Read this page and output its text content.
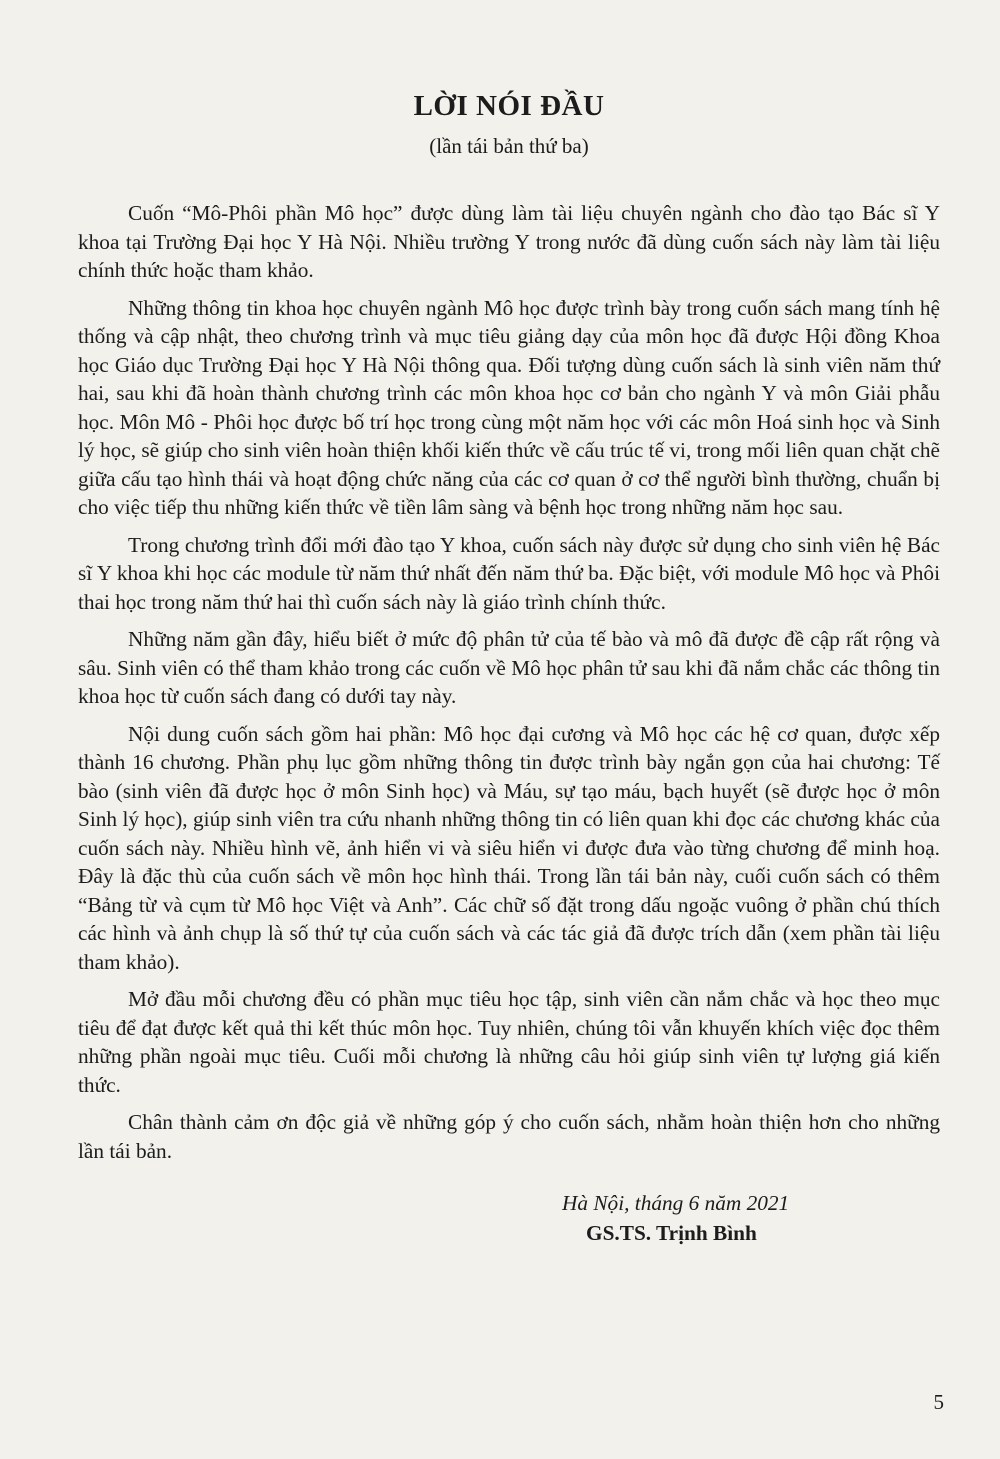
LỜI NÓI ĐẦU

(lần tái bản thứ ba)

Cuốn “Mô-Phôi phần Mô học” được dùng làm tài liệu chuyên ngành cho đào tạo Bác sĩ Y khoa tại Trường Đại học Y Hà Nội. Nhiều trường Y trong nước đã dùng cuốn sách này làm tài liệu chính thức hoặc tham khảo.

Những thông tin khoa học chuyên ngành Mô học được trình bày trong cuốn sách mang tính hệ thống và cập nhật, theo chương trình và mục tiêu giảng dạy của môn học đã được Hội đồng Khoa học Giáo dục Trường Đại học Y Hà Nội thông qua. Đối tượng dùng cuốn sách là sinh viên năm thứ hai, sau khi đã hoàn thành chương trình các môn khoa học cơ bản cho ngành Y và môn Giải phẫu học. Môn Mô - Phôi học được bố trí học trong cùng một năm học với các môn Hoá sinh học và Sinh lý học, sẽ giúp cho sinh viên hoàn thiện khối kiến thức về cấu trúc tế vi, trong mối liên quan chặt chẽ giữa cấu tạo hình thái và hoạt động chức năng của các cơ quan ở cơ thể người bình thường, chuẩn bị cho việc tiếp thu những kiến thức về tiền lâm sàng và bệnh học trong những năm học sau.

Trong chương trình đổi mới đào tạo Y khoa, cuốn sách này được sử dụng cho sinh viên hệ Bác sĩ Y khoa khi học các module từ năm thứ nhất đến năm thứ ba. Đặc biệt, với module Mô học và Phôi thai học trong năm thứ hai thì cuốn sách này là giáo trình chính thức.

Những năm gần đây, hiểu biết ở mức độ phân tử của tế bào và mô đã được đề cập rất rộng và sâu. Sinh viên có thể tham khảo trong các cuốn về Mô học phân tử sau khi đã nắm chắc các thông tin khoa học từ cuốn sách đang có dưới tay này.

Nội dung cuốn sách gồm hai phần: Mô học đại cương và Mô học các hệ cơ quan, được xếp thành 16 chương. Phần phụ lục gồm những thông tin được trình bày ngắn gọn của hai chương: Tế bào (sinh viên đã được học ở môn Sinh học) và Máu, sự tạo máu, bạch huyết (sẽ được học ở môn Sinh lý học), giúp sinh viên tra cứu nhanh những thông tin có liên quan khi đọc các chương khác của cuốn sách này. Nhiều hình vẽ, ảnh hiển vi và siêu hiển vi được đưa vào từng chương để minh hoạ. Đây là đặc thù của cuốn sách về môn học hình thái. Trong lần tái bản này, cuối cuốn sách có thêm “Bảng từ và cụm từ Mô học Việt và Anh”. Các chữ số đặt trong dấu ngoặc vuông ở phần chú thích các hình và ảnh chụp là số thứ tự của cuốn sách và các tác giả đã được trích dẫn (xem phần tài liệu tham khảo).

Mở đầu mỗi chương đều có phần mục tiêu học tập, sinh viên cần nắm chắc và học theo mục tiêu để đạt được kết quả thi kết thúc môn học. Tuy nhiên, chúng tôi vẫn khuyến khích việc đọc thêm những phần ngoài mục tiêu. Cuối mỗi chương là những câu hỏi giúp sinh viên tự lượng giá kiến thức.

Chân thành cảm ơn độc giả về những góp ý cho cuốn sách, nhằm hoàn thiện hơn cho những lần tái bản.

Hà Nội, tháng 6 năm 2021

GS.TS. Trịnh Bình

5
